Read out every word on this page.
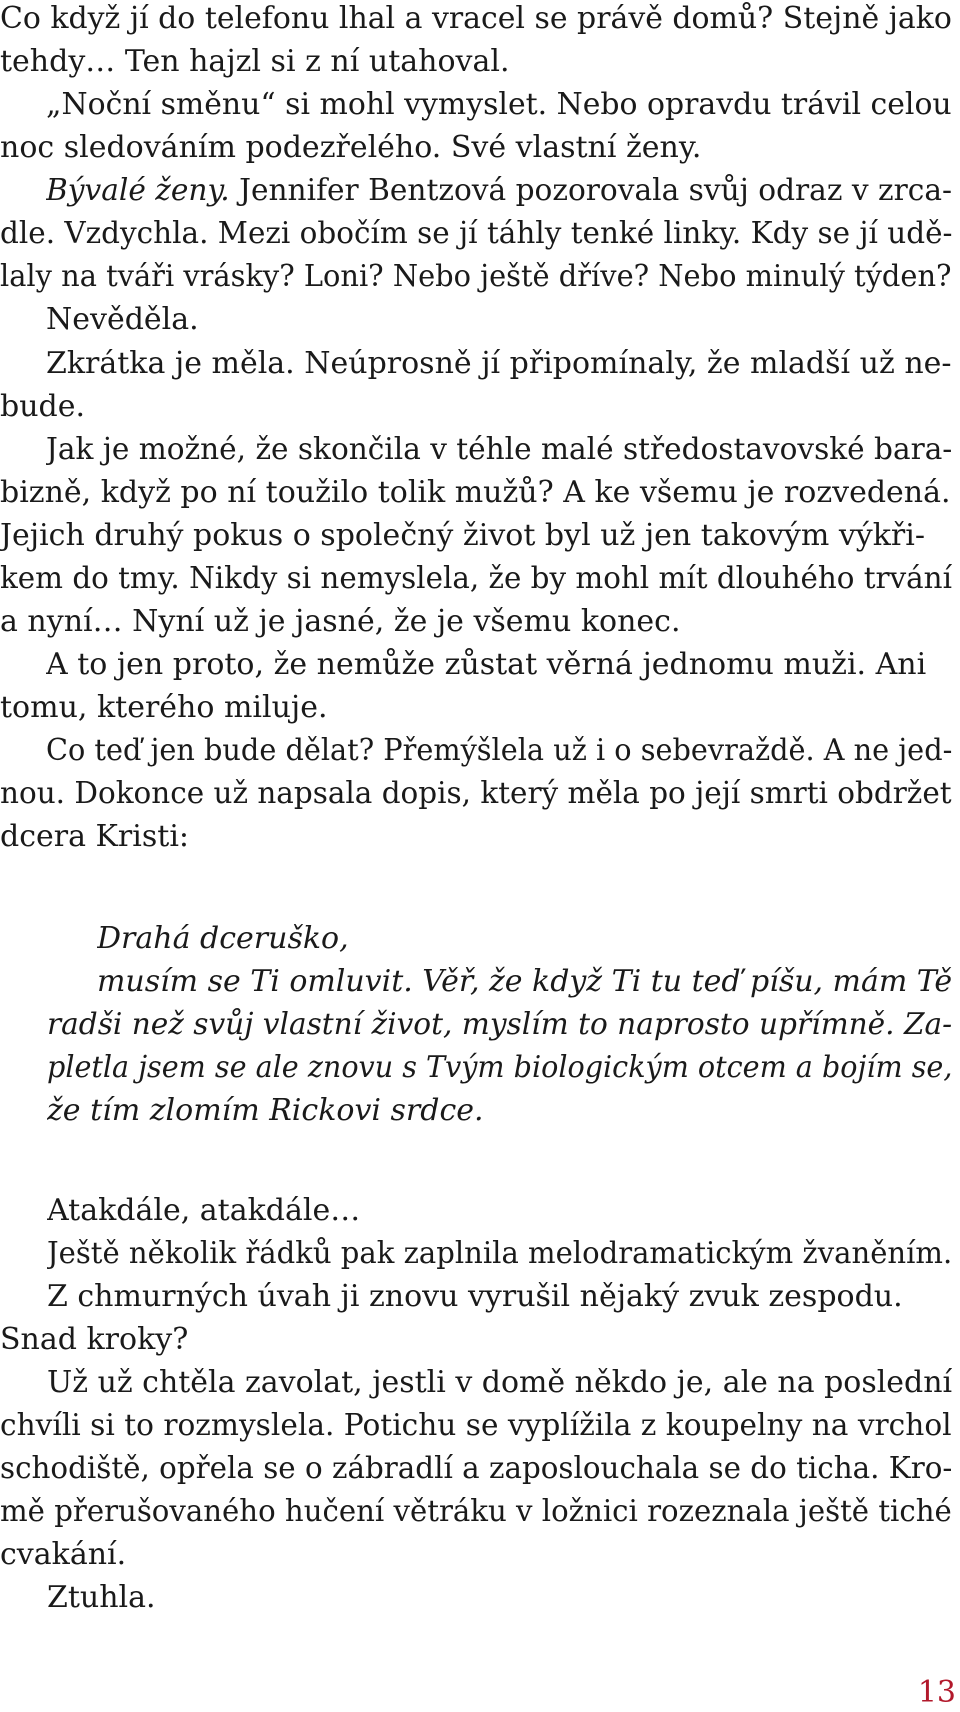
Co když jí do telefonu lhal a vracel se právě domů? Stejně jako

tehdy… Ten hajzl si z ní utahoval.

„Noční směnu“ si mohl vymyslet. Nebo opravdu trávil celou

noc sledováním podezřelého. Své vlastní ženy.

Bývalé ženy. Jennifer Bentzová pozorovala svůj odraz v zrca-

dle. Vzdychla. Mezi obočím se jí táhly tenké linky. Kdy se jí udě-

laly na tváři vrásky? Loni? Nebo ještě dříve? Nebo minulý týden?

Nevěděla.

Zkrátka je měla. Neúprosně jí připomínaly, že mladší už ne-

bude.

Jak je možné, že skončila v téhle malé středostavovské bara-

bizně, když po ní toužilo tolik mužů? A ke všemu je rozvedená.

Jejich druhý pokus o společný život byl už jen takovým výkři-

kem do tmy. Nikdy si nemyslela, že by mohl mít dlouhého trvání

a nyní… Nyní už je jasné, že je všemu konec.

A to jen proto, že nemůže zůstat věrná jednomu muži. Ani

tomu, kterého miluje.

Co teď jen bude dělat? Přemýšlela už i o sebevraždě. A ne jed-

nou. Dokonce už napsala dopis, který měla po její smrti obdržet

dcera Kristi:

Drahá dceruško,

musím se Ti omluvit. Věř, že když Ti tu teď píšu, mám Tě

radši než svůj vlastní život, myslím to naprosto upřímně. Za-

pletla jsem se ale znovu s Tvým biologickým otcem a bojím se,

že tím zlomím Rickovi srdce.

Atakdále, atakdále…

Ještě několik řádků pak zaplnila melodramatickým žvaněním.

Z chmurných úvah ji znovu vyrušil nějaký zvuk zespodu.

Snad kroky?

Už už chtěla zavolat, jestli v domě někdo je, ale na poslední

chvíli si to rozmyslela. Potichu se vyplížila z koupelny na vrchol

schodiště, opřela se o zábradlí a zaposlouchala se do ticha. Kro-

mě přerušovaného hučení větráku v ložnici rozeznala ještě tiché

cvakání.

Ztuhla.

13
